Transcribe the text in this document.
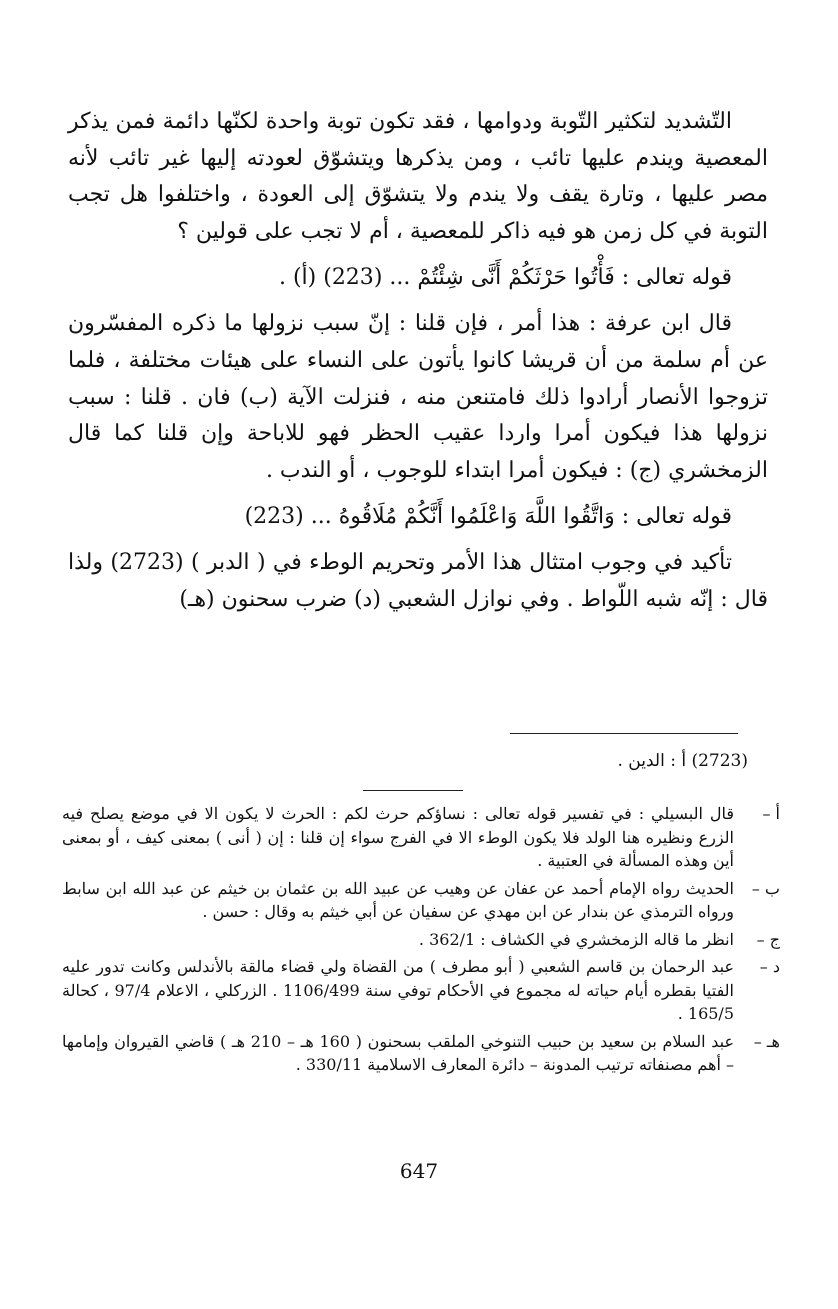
التّشديد لتكثير التّوبة ودوامها ، فقد تكون توبة واحدة لكنّها دائمة فمن يذكر المعصية ويندم عليها تائب ، ومن يذكرها ويتشوّق لعودته إليها غير تائب لأنه مصر عليها ، وتارة يقف ولا يندم ولا يتشوّق إلى العودة ، واختلفوا هل تجب التوبة في كل زمن هو فيه ذاكر للمعصية ، أم لا تجب على قولين ؟

قوله تعالى : فَأْتُوا حَرْثَكُمْ أَنَّى شِئْتُمْ ... (223) (أ) .

قال ابن عرفة : هذا أمر ، فإن قلنا : إنّ سبب نزولها ما ذكره المفسّرون عن أم سلمة من أن قريشا كانوا يأتون على النساء على هيئات مختلفة ، فلما تزوجوا الأنصار أرادوا ذلك فامتنعن منه ، فنزلت الآية (ب) فان . قلنا : سبب نزولها هذا فيكون أمرا واردا عقيب الحظر فهو للاباحة وإن قلنا كما قال الزمخشري (ج) : فيكون أمرا ابتداء للوجوب ، أو الندب .

قوله تعالى : وَاتَّقُوا اللَّهَ وَاعْلَمُوا أَنَّكُمْ مُلَاقُوهُ ... (223)

تأكيد في وجوب امتثال هذا الأمر وتحريم الوطء في ( الدبر ) (2723) ولذا قال : إنّه شبه اللّواط . وفي نوازل الشعبي (د) ضرب سحنون (هـ)

(2723) أ : الدين .
أ –
قال البسيلي : في تفسير قوله تعالى : نساؤكم حرث لكم : الحرث لا يكون الا في موضع يصلح فيه الزرع ونظيره هنا الولد فلا يكون الوطء الا في الفرج سواء إن قلنا : إن ( أنى ) بمعنى كيف ، أو بمعنى أين وهذه المسألة في العتبية .
ب –
الحديث رواه الإمام أحمد عن عفان عن وهيب عن عبيد الله بن عثمان بن خيثم عن عبد الله ابن سابط ورواه الترمذي عن بندار عن ابن مهدي عن سفيان عن أبي خيثم به وقال : حسن .
ج –
انظر ما قاله الزمخشري في الكشاف : 362/1 .
د –
عبد الرحمان بن قاسم الشعبي ( أبو مطرف ) من القضاة ولي قضاء مالقة بالأندلس وكانت تدور عليه الفتيا بقطره أيام حياته له مجموع في الأحكام توفي سنة 1106/499 . الزركلي ، الاعلام 97/4 ، كحالة 165/5 .
هـ –
عبد السلام بن سعيد بن حبيب التنوخي الملقب بسحنون ( 160 هـ – 210 هـ ) قاضي القيروان وإمامها – أهم مصنفاته ترتيب المدونة – دائرة المعارف الاسلامية 330/11 .
647
